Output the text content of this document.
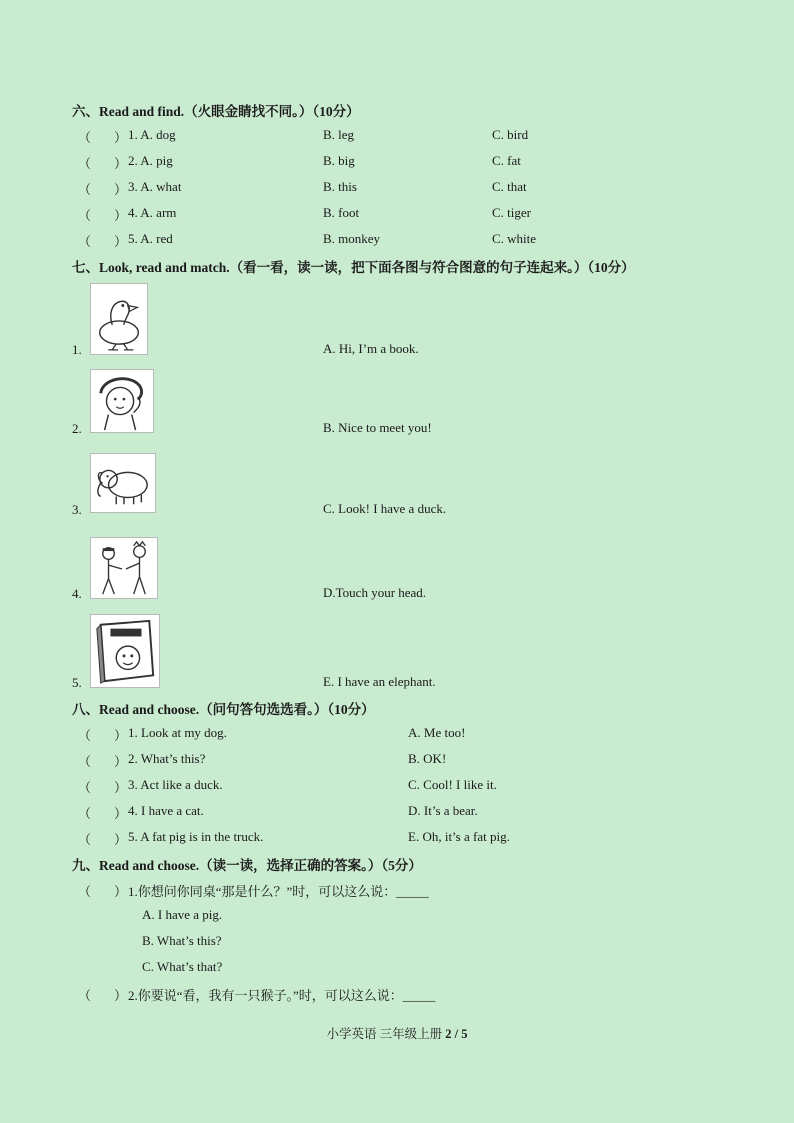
六、Read and find.（火眼金睛找不同。）（10分）
（ ） 1. A. dog	B. leg	C. bird
（ ） 2. A. pig	B. big	C. fat
（ ） 3. A. what	B. this	C. that
（ ） 4. A. arm	B. foot	C. tiger
（ ） 5. A. red	B. monkey	C. white
七、Look, read and match.（看一看，读一读，把下面各图与符合图意的句子连起来。）（10分）
1.	A. Hi, I’m a book.
2.	B. Nice to meet you!
3.	C. Look! I have a duck.
4.	D.Touch your head.
5.	E. I have an elephant.
八、Read and choose.（问句答句选选看。）（10分）
（ ） 1. Look at my dog.	A. Me too!
（ ） 2. What’s this?	B. OK!
（ ） 3. Act like a duck.	C. Cool! I like it.
（ ） 4. I have a cat.	D. It’s a bear.
（ ） 5. A fat pig is in the truck.	E. Oh, it’s a fat pig.
九、Read and choose.（读一读，选择正确的答案。）（5分）
（ ） 1.你想问你同桌“那是什么？”时，可以这么说：_____
A. I have a pig.
B. What’s this?
C. What’s that?
（ ） 2.你要说“看，我有一只猴子。”时，可以这么说：_____
小学英语 三年级上册 2 / 5
